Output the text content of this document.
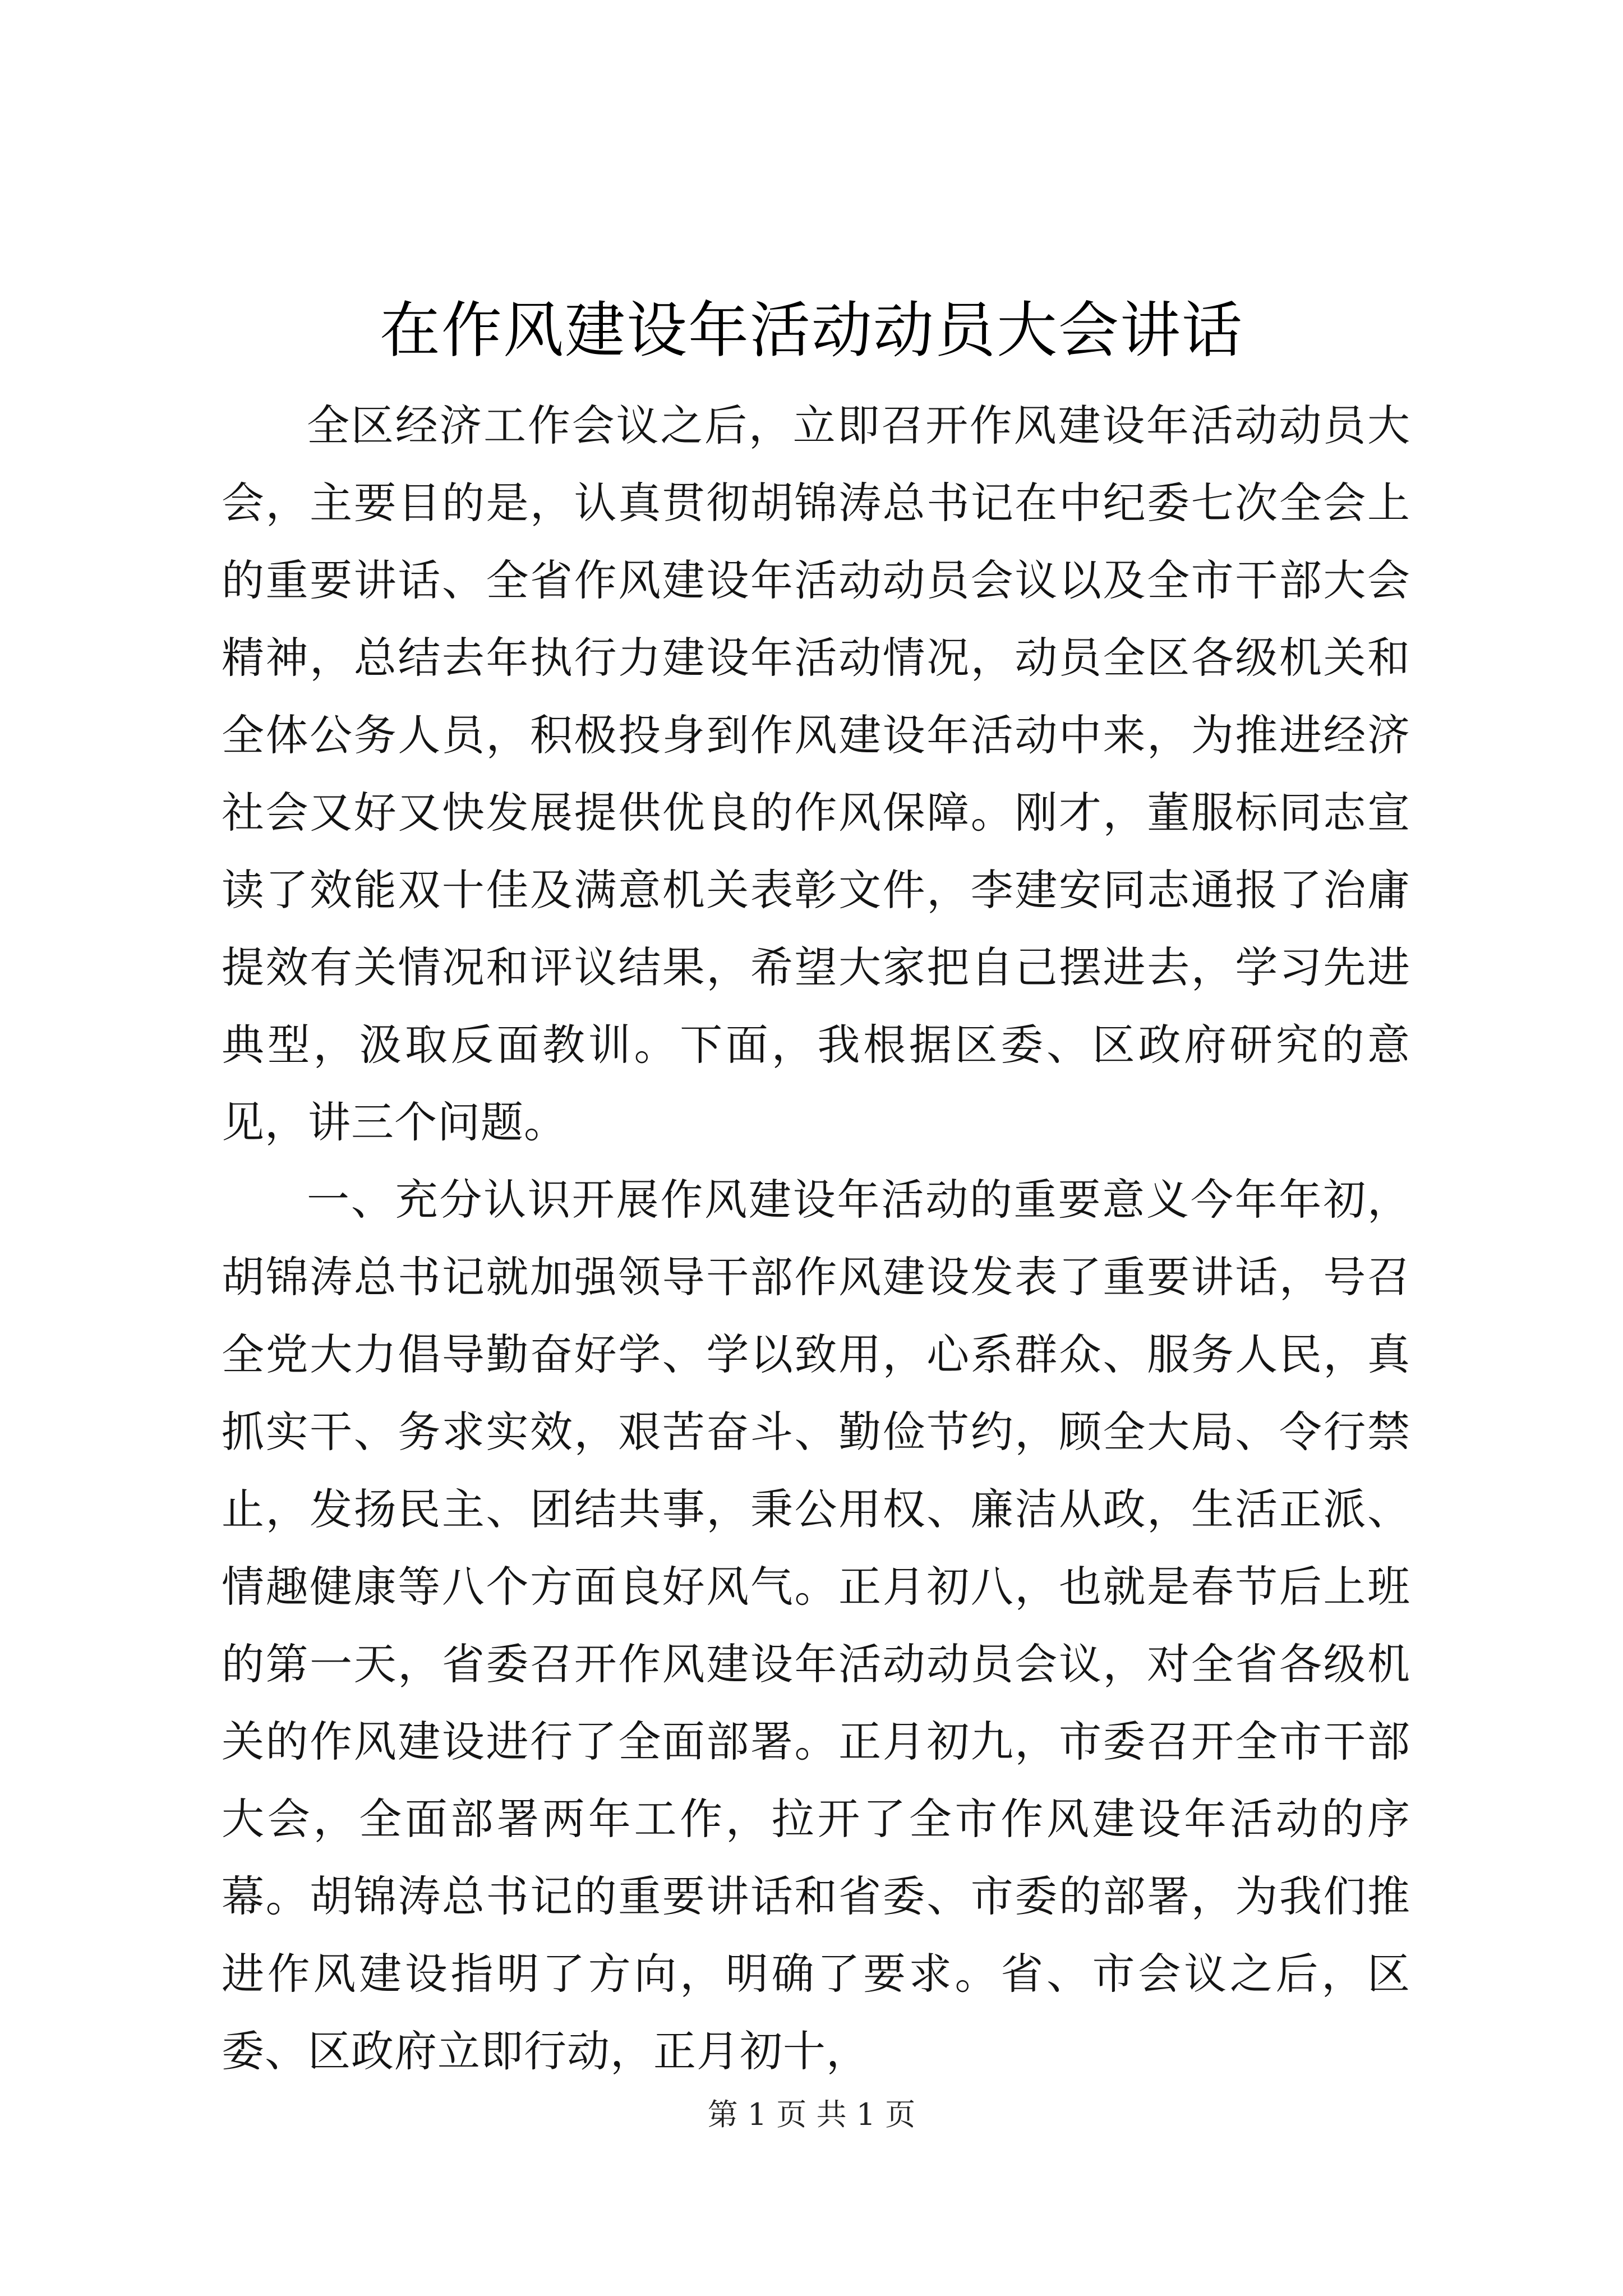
在作风建设年活动动员大会讲话

全区经济工作会议之后，立即召开作风建设年活动动员大会，主要目的是，认真贯彻胡锦涛总书记在中纪委七次全会上的重要讲话、全省作风建设年活动动员会议以及全市干部大会精神，总结去年执行力建设年活动情况，动员全区各级机关和全体公务人员，积极投身到作风建设年活动中来，为推进经济社会又好又快发展提供优良的作风保障。刚才，董服标同志宣读了效能双十佳及满意机关表彰文件，李建安同志通报了治庸提效有关情况和评议结果，希望大家把自己摆进去，学习先进典型，汲取反面教训。下面，我根据区委、区政府研究的意见，讲三个问题。

一、充分认识开展作风建设年活动的重要意义今年年初，胡锦涛总书记就加强领导干部作风建设发表了重要讲话，号召全党大力倡导勤奋好学、学以致用，心系群众、服务人民，真抓实干、务求实效，艰苦奋斗、勤俭节约，顾全大局、令行禁止，发扬民主、团结共事，秉公用权、廉洁从政，生活正派、情趣健康等八个方面良好风气。正月初八，也就是春节后上班的第一天，省委召开作风建设年活动动员会议，对全省各级机关的作风建设进行了全面部署。正月初九，市委召开全市干部大会，全面部署两年工作，拉开了全市作风建设年活动的序幕。胡锦涛总书记的重要讲话和省委、市委的部署，为我们推进作风建设指明了方向，明确了要求。省、市会议之后，区委、区政府立即行动，正月初十，

第 1 页 共 1 页
